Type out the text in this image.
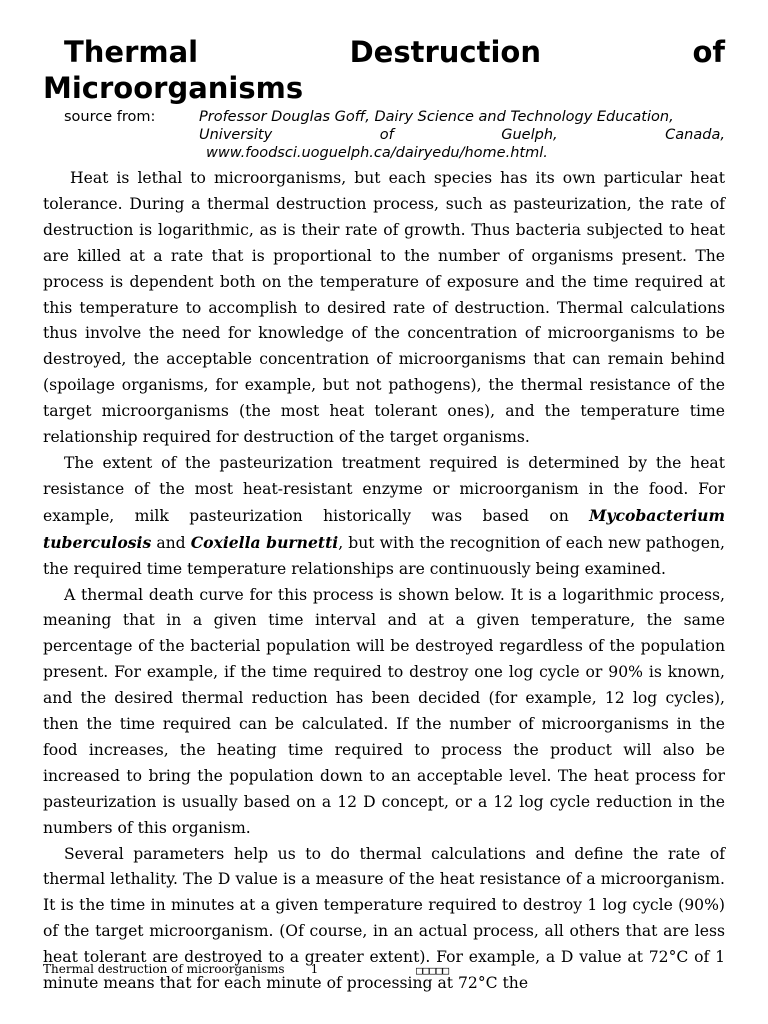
Thermal	Destruction	of
Microorganisms
source from:	Professor Douglas Goff, Dairy Science and Technology Education,
University	of	Guelph,	Canada,
www.foodsci.uoguelph.ca/dairyedu/home.html.

Heat is lethal to microorganisms, but each species has its own particular heat tolerance. During a thermal destruction process, such as pasteurization, the rate of destruction is logarithmic, as is their rate of growth. Thus bacteria subjected to heat are killed at a rate that is proportional to the number of organisms present. The process is dependent both on the temperature of exposure and the time required at this temperature to accomplish to desired rate of destruction. Thermal calculations thus involve the need for knowledge of the concentration of microorganisms to be destroyed, the acceptable concentration of microorganisms that can remain behind (spoilage organisms, for example, but not pathogens), the thermal resistance of the target microorganisms (the most heat tolerant ones), and the temperature time relationship required for destruction of the target organisms.

The extent of the pasteurization treatment required is determined by the heat resistance of the most heat-resistant enzyme or microorganism in the food. For example, milk pasteurization historically was based on Mycobacterium tuberculosis and Coxiella burnetti, but with the recognition of each new pathogen, the required time temperature relationships are continuously being examined.

A thermal death curve for this process is shown below. It is a logarithmic process, meaning that in a given time interval and at a given temperature, the same percentage of the bacterial population will be destroyed regardless of the population present. For example, if the time required to destroy one log cycle or 90% is known, and the desired thermal reduction has been decided (for example, 12 log cycles), then the time required can be calculated. If the number of microorganisms in the food increases, the heating time required to process the product will also be increased to bring the population down to an acceptable level. The heat process for pasteurization is usually based on a 12 D concept, or a 12 log cycle reduction in the numbers of this organism.

Several parameters help us to do thermal calculations and define the rate of thermal lethality. The D value is a measure of the heat resistance of a microorganism. It is the time in minutes at a given temperature required to destroy 1 log cycle (90%) of the target microorganism. (Of course, in an actual process, all others that are less heat tolerant are destroyed to a greater extent). For example, a D value at 72°C of 1 minute means that for each minute of processing at 72°C the

Thermal destruction of microorganisms 1	□□□□□
